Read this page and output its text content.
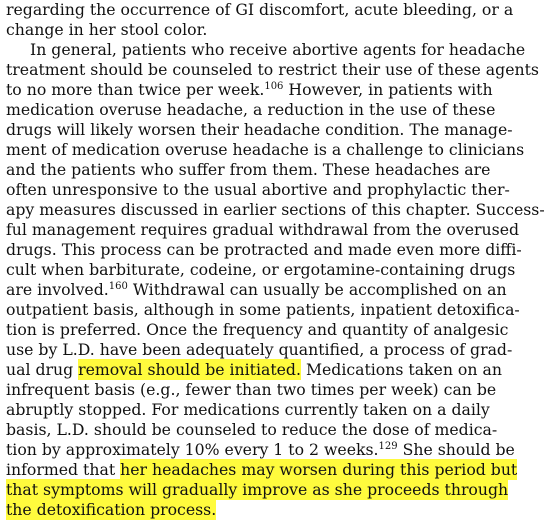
regarding the occurrence of GI discomfort, acute bleeding, or a
change in her stool color.
In general, patients who receive abortive agents for headache
treatment should be counseled to restrict their use of these agents
to no more than twice per week.$^{106}$ However, in patients with
medication overuse headache, a reduction in the use of these
drugs will likely worsen their headache condition. The manage-
ment of medication overuse headache is a challenge to clinicians
and the patients who suffer from them. These headaches are
often unresponsive to the usual abortive and prophylactic ther-
apy measures discussed in earlier sections of this chapter. Success-
ful management requires gradual withdrawal from the overused
drugs. This process can be protracted and made even more diffi-
cult when barbiturate, codeine, or ergotamine-containing drugs
are involved.$^{160}$ Withdrawal can usually be accomplished on an
outpatient basis, although in some patients, inpatient detoxifica-
tion is preferred. Once the frequency and quantity of analgesic
use by L.D. have been adequately quantified, a process of grad-
ual drug removal should be initiated. Medications taken on an
infrequent basis (e.g., fewer than two times per week) can be
abruptly stopped. For medications currently taken on a daily
basis, L.D. should be counseled to reduce the dose of medica-
tion by approximately 10% every 1 to 2 weeks.$^{129}$ She should be
informed that her headaches may worsen during this period but
that symptoms will gradually improve as she proceeds through
the detoxification process.
